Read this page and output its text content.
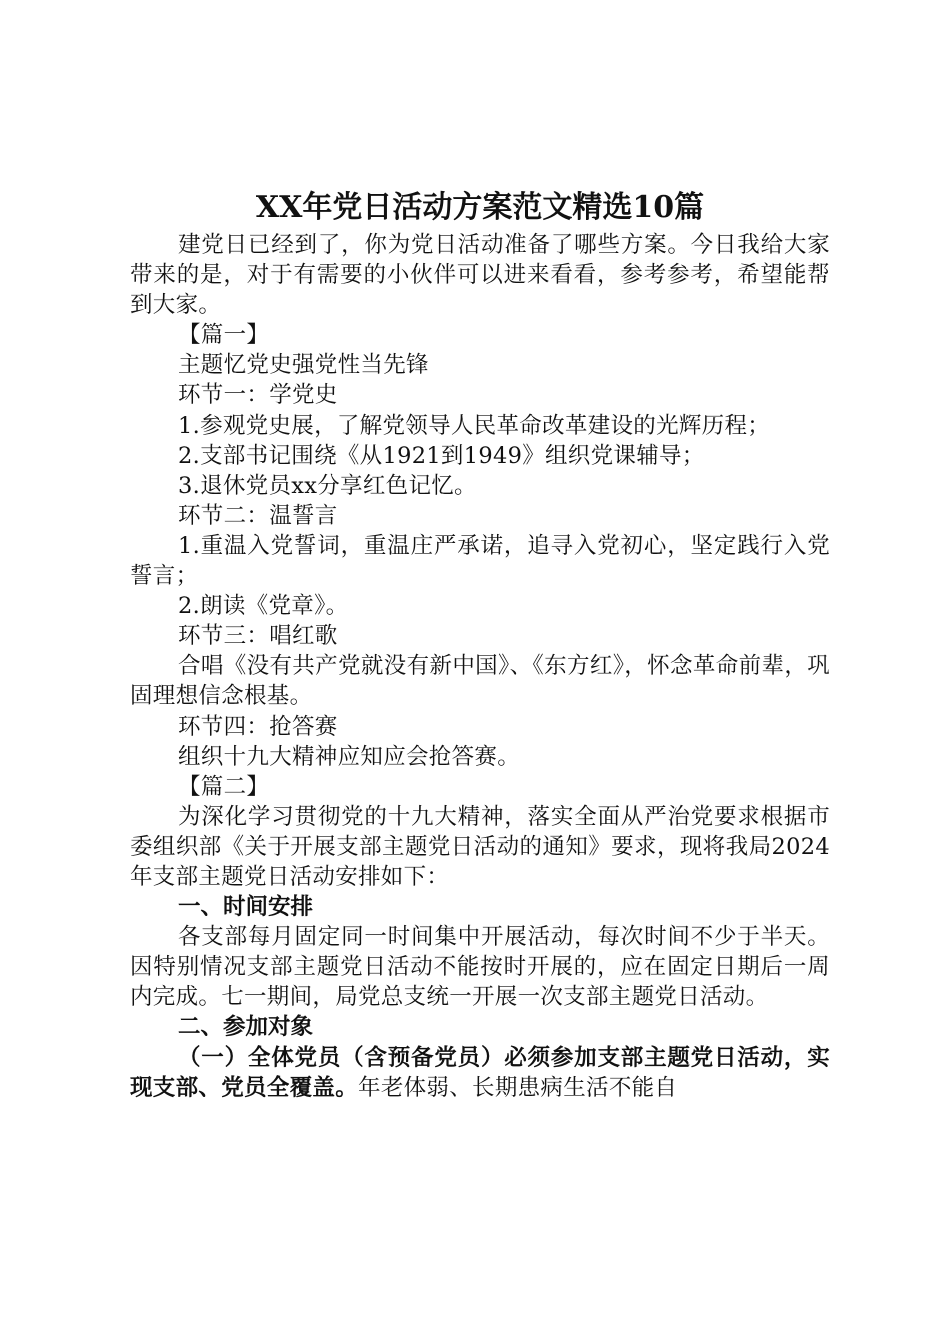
XX年党日活动方案范文精选10篇

建党日已经到了，你为党日活动准备了哪些方案。今日我给大家带来的是，对于有需要的小伙伴可以进来看看，参考参考，希望能帮到大家。

【篇一】

主题忆党史强党性当先锋

环节一：学党史

1.参观党史展，了解党领导人民革命改革建设的光辉历程；

2.支部书记围绕《从1921到1949》组织党课辅导；

3.退休党员xx分享红色记忆。

环节二：温誓言

1.重温入党誓词，重温庄严承诺，追寻入党初心，坚定践行入党誓言；

2.朗读《党章》。

环节三：唱红歌

合唱《没有共产党就没有新中国》、《东方红》，怀念革命前辈，巩固理想信念根基。

环节四：抢答赛

组织十九大精神应知应会抢答赛。

【篇二】

为深化学习贯彻党的十九大精神，落实全面从严治党要求根据市委组织部《关于开展支部主题党日活动的通知》要求，现将我局2024年支部主题党日活动安排如下：

一、时间安排

各支部每月固定同一时间集中开展活动，每次时间不少于半天。因特别情况支部主题党日活动不能按时开展的，应在固定日期后一周内完成。七一期间，局党总支统一开展一次支部主题党日活动。

二、参加对象

（一）全体党员（含预备党员）必须参加支部主题党日活动，实现支部、党员全覆盖。年老体弱、长期患病生活不能自
